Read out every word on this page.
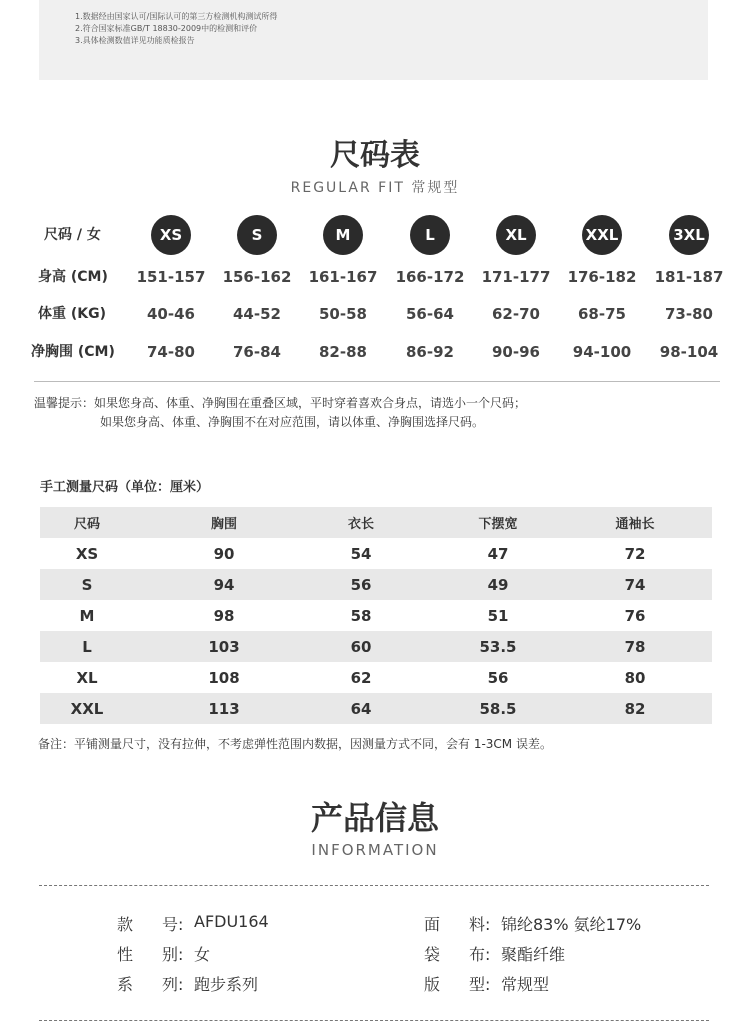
1.数据经由国家认可/国际认可的第三方检测机构测试所得
2.符合国家标准GB/T 18830-2009中的检测和评价
3.具体检测数值详见功能质检报告
尺码表
REGULAR FIT 常规型
尺码 / 女	XS	S	M	L	XL	XXL	3XL
身高 (CM)	151-157	156-162	161-167	166-172	171-177	176-182	181-187
体重 (KG)	40-46	44-52	50-58	56-64	62-70	68-75	73-80
净胸围 (CM)	74-80	76-84	82-88	86-92	90-96	94-100	98-104
温馨提示：如果您身高、体重、净胸围在重叠区域，平时穿着喜欢合身点，请选小一个尺码；
如果您身高、体重、净胸围不在对应范围，请以体重、净胸围选择尺码。
手工测量尺码（单位：厘米）
尺码	胸围	衣长	下摆宽	通袖长
XS	90	54	47	72
S	94	56	49	74
M	98	58	51	76
L	103	60	53.5	78
XL	108	62	56	80
XXL	113	64	58.5	82
备注：平铺测量尺寸，没有拉伸，不考虑弹性范围内数据，因测量方式不同，会有 1-3CM 误差。
产品信息
INFORMATION
款	号: AFDU164	面	料: 锦纶83% 氨纶17%
性	别: 女	袋	布: 聚酯纤维
系	列: 跑步系列	版	型: 常规型
